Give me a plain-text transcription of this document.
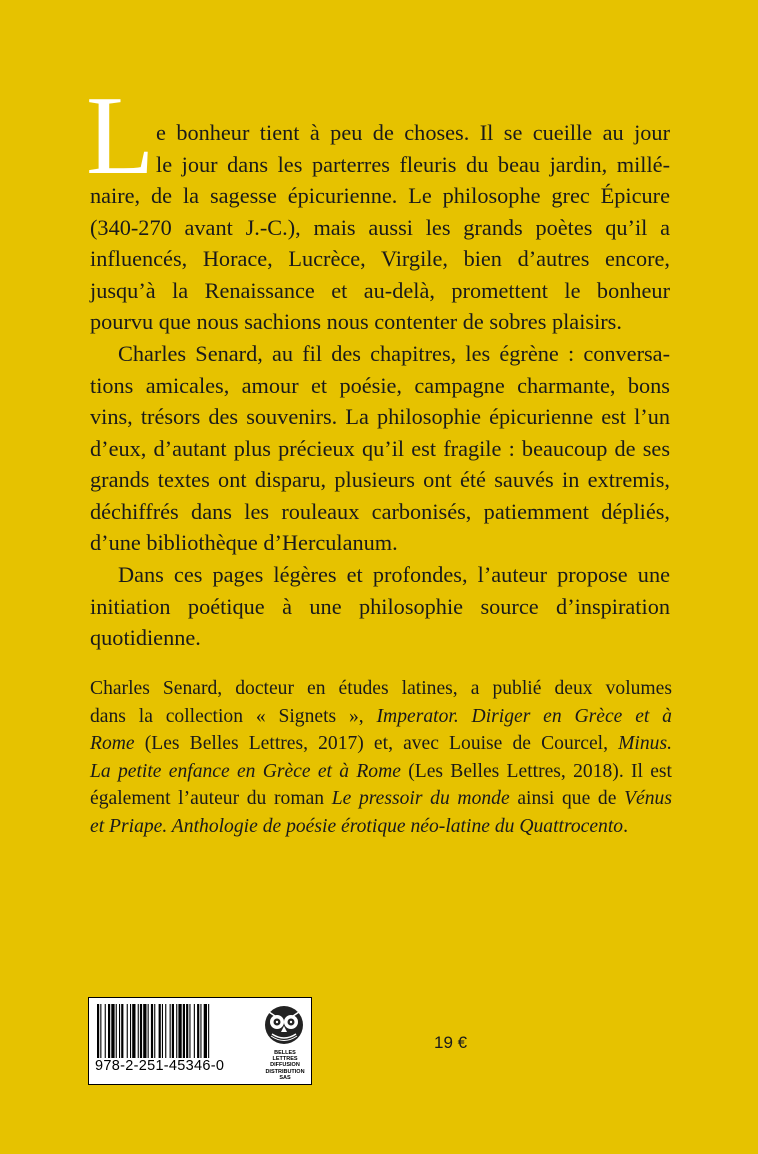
L e bonheur tient à peu de choses. Il se cueille au jour
le jour dans les parterres fleuris du beau jardin, millé-
naire, de la sagesse épicurienne. Le philosophe grec Épicure
(340-270 avant J.-C.), mais aussi les grands poètes qu’il a
influencés, Horace, Lucrèce, Virgile, bien d’autres encore,
jusqu’à la Renaissance et au-delà, promettent le bonheur
pourvu que nous sachions nous contenter de sobres plaisirs.
Charles Senard, au fil des chapitres, les égrène : conversa-
tions amicales, amour et poésie, campagne charmante, bons
vins, trésors des souvenirs. La philosophie épicurienne est l’un
d’eux, d’autant plus précieux qu’il est fragile : beaucoup de ses
grands textes ont disparu, plusieurs ont été sauvés in extremis,
déchiffrés dans les rouleaux carbonisés, patiemment dépliés,
d’une bibliothèque d’Herculanum.
Dans ces pages légères et profondes, l’auteur propose une
initiation poétique à une philosophie source d’inspiration
quotidienne.
Charles Senard, docteur en études latines, a publié deux volumes
dans la collection « Signets », Imperator. Diriger en Grèce et à
Rome (Les Belles Lettres, 2017) et, avec Louise de Courcel, Minus.
La petite enfance en Grèce et à Rome (Les Belles Lettres, 2018). Il est
également l’auteur du roman Le pressoir du monde ainsi que de Vénus
et Priape. Anthologie de poésie érotique néo-latine du Quattrocento.
978-2-251-45346-0
BELLES LETTRES
DIFFUSION
DISTRIBUTION
SAS
19 €
